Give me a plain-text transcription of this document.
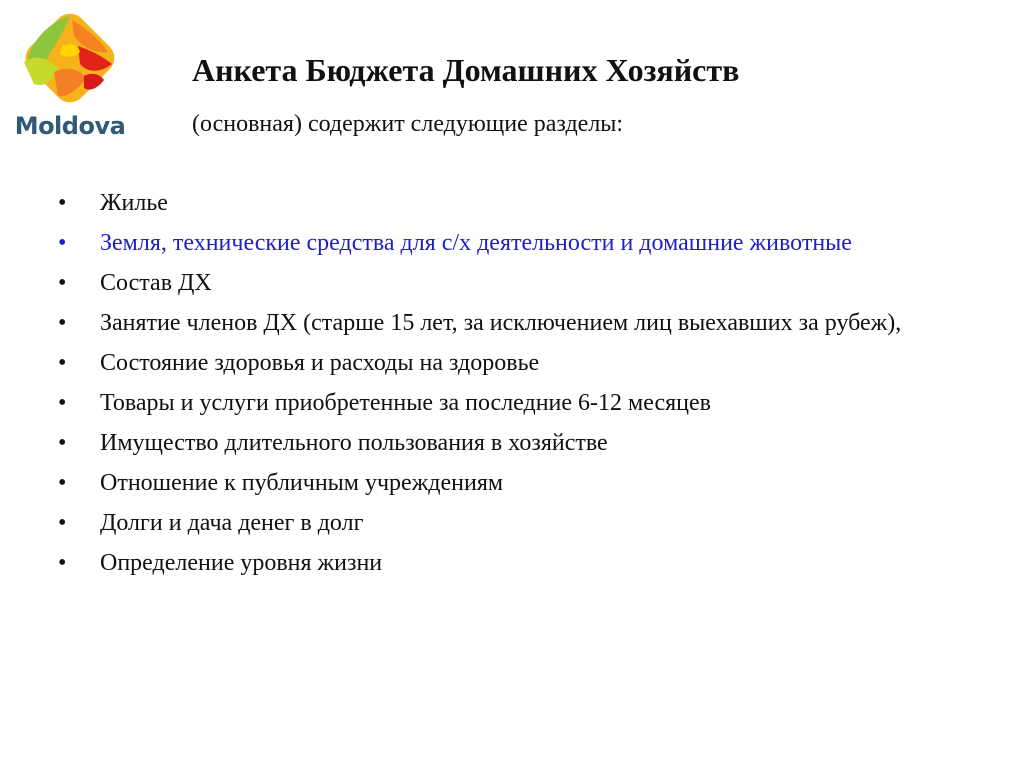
Moldova
Анкета Бюджета Домашних Хозяйств
(основная) содержит следующие разделы:
•	Жилье
•	Земля, технические средства для с/х деятельности и домашние животные
•	Состав ДХ
•	Занятие членов ДХ (старше 15 лет, за исключением лиц выехавших за рубеж),
•	Состояние здоровья и расходы на здоровье
•	Товары и услуги приобретенные за последние 6-12 месяцев
•	Имущество длительного пользования в хозяйстве
•	Отношение к публичным учреждениям
•	Долги и дача денег в долг
•	Определение уровня жизни
